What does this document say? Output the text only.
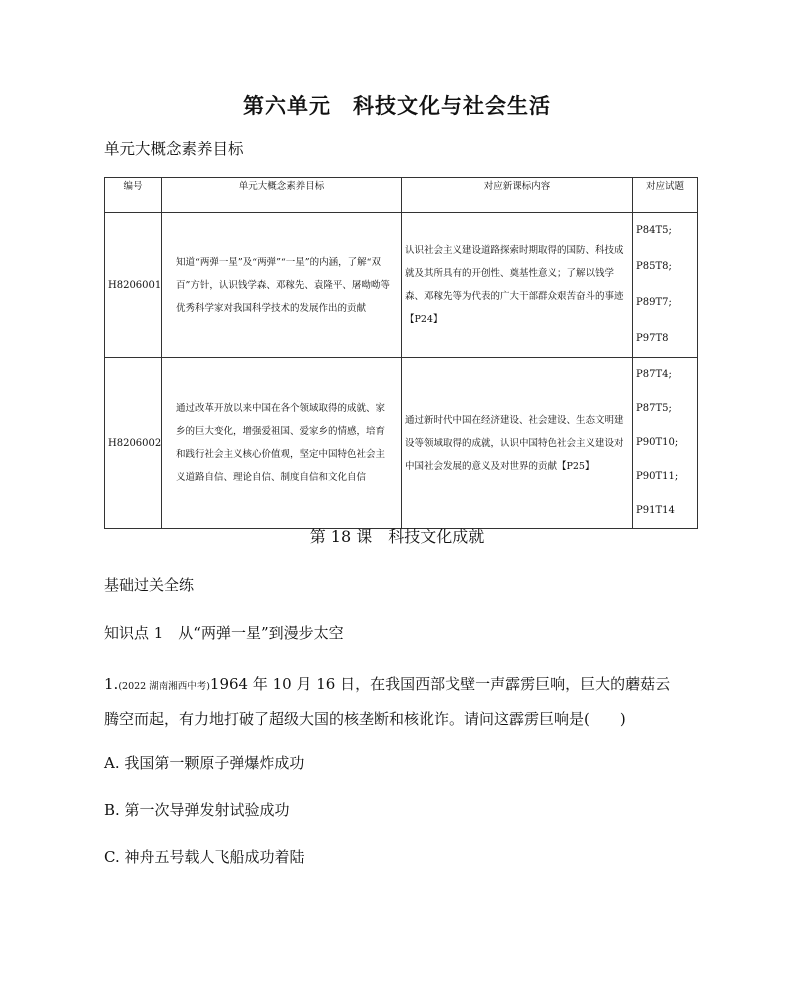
第六单元　科技文化与社会生活
单元大概念素养目标
编号	单元大概念素养目标	对应新课标内容	对应试题
H8206001	知道“两弹一星”及“两弹”“一星”的内涵，了解“双百”方针，认识钱学森、邓稼先、袁隆平、屠呦呦等优秀科学家对我国科学技术的发展作出的贡献	认识社会主义建设道路探索时期取得的国防、科技成就及其所具有的开创性、奠基性意义；了解以钱学森、邓稼先等为代表的广大干部群众艰苦奋斗的事迹【P24】	P84T5;
P85T8;
P89T7;
P97T8

H8206002	通过改革开放以来中国在各个领域取得的成就、家乡的巨大变化，增强爱祖国、爱家乡的情感，培育和践行社会主义核心价值观，坚定中国特色社会主义道路自信、理论自信、制度自信和文化自信	通过新时代中国在经济建设、社会建设、生态文明建设等领域取得的成就，认识中国特色社会主义建设对中国社会发展的意义及对世界的贡献【P25】	P87T4;
P87T5;
P90T10;
P90T11;
P91T14
第 18 课　科技文化成就
基础过关全练
知识点 1　从“两弹一星”到漫步太空
1.(2022 湖南湘西中考)1964 年 10 月 16 日，在我国西部戈壁一声霹雳巨响，巨大的蘑菇云
腾空而起，有力地打破了超级大国的核垄断和核讹诈。请问这霹雳巨响是(　　)
A. 我国第一颗原子弹爆炸成功
B. 第一次导弹发射试验成功
C. 神舟五号载人飞船成功着陆
